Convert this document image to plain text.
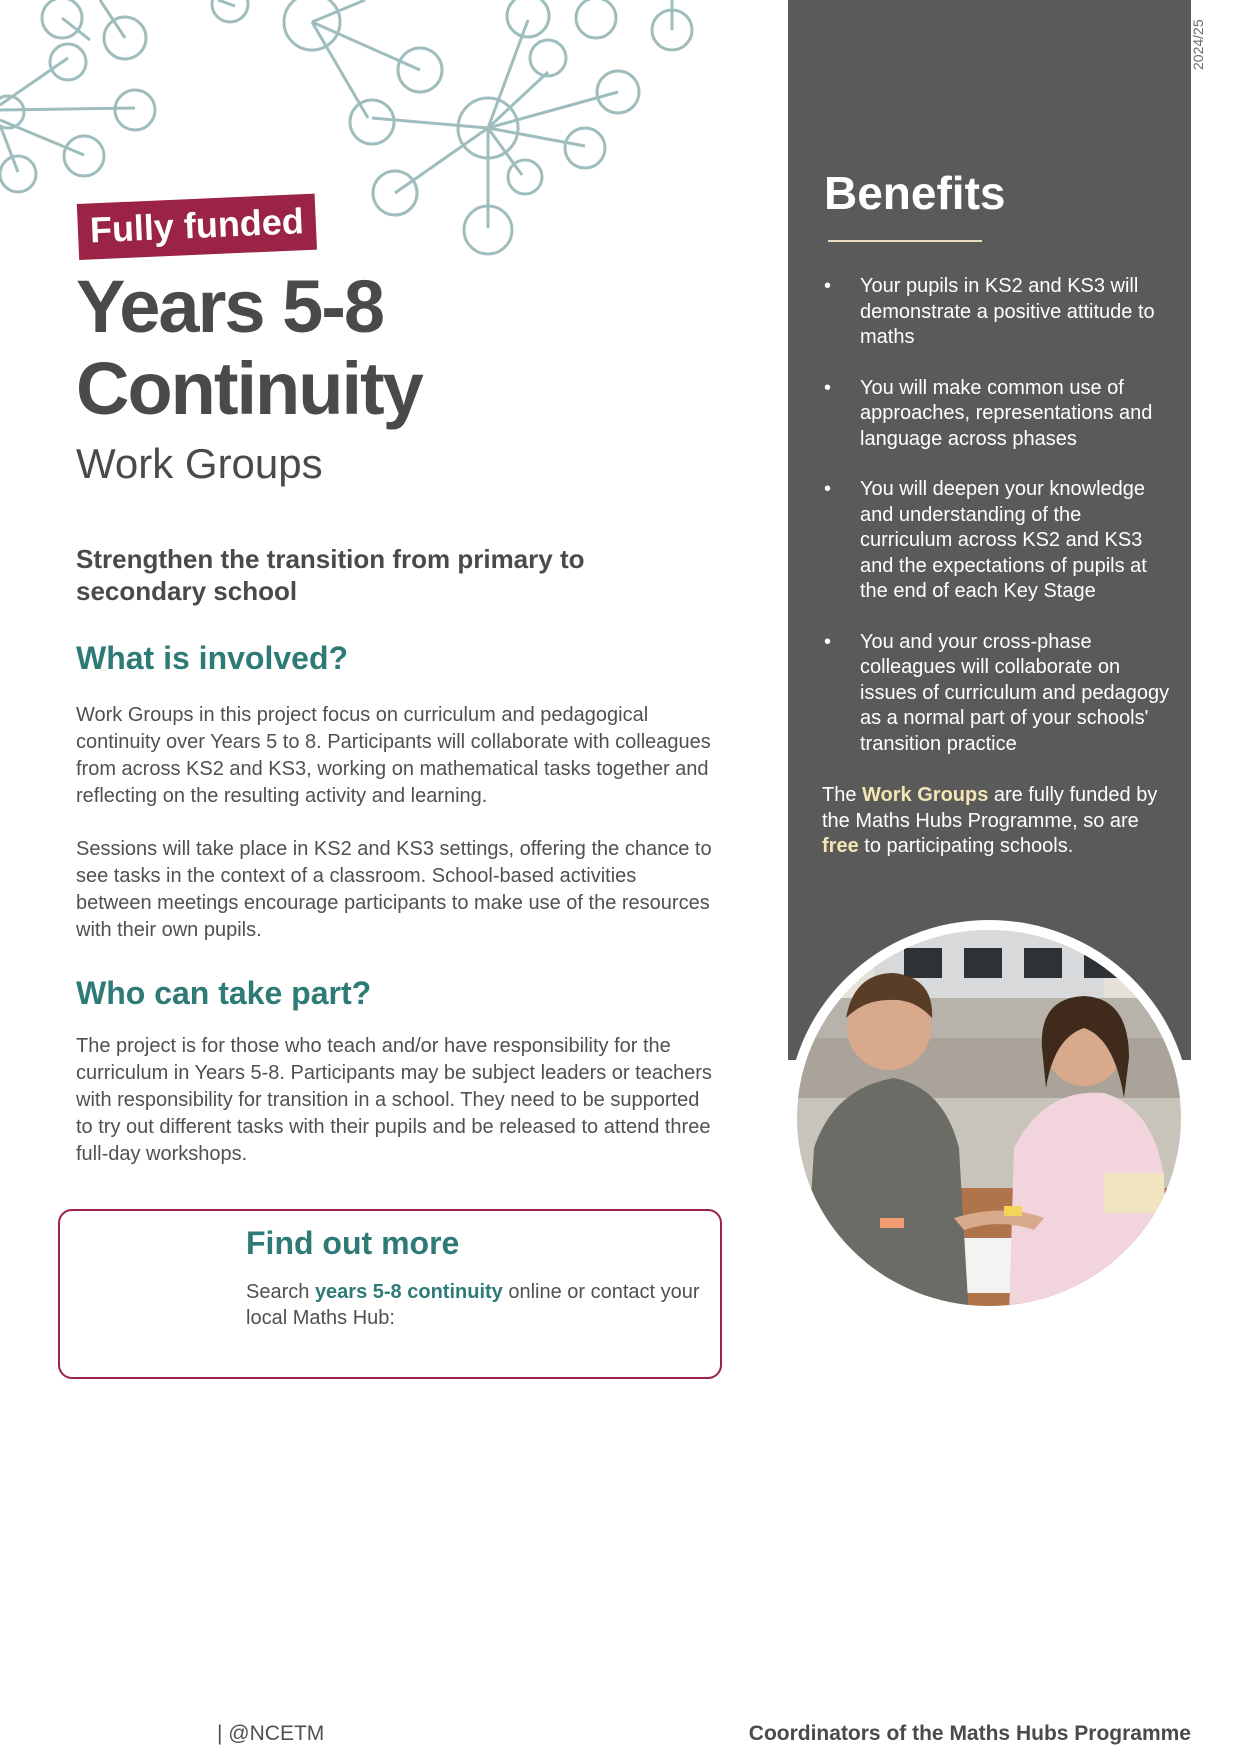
2024/25
Fully funded
Years 5-8
Continuity
Work Groups
Strengthen the transition from primary to secondary school
What is involved?
Work Groups in this project focus on curriculum and pedagogical continuity over Years 5 to 8. Participants will collaborate with colleagues from across KS2 and KS3, working on mathematical tasks together and reflecting on the resulting activity and learning.
Sessions will take place in KS2 and KS3 settings, offering the chance to see tasks in the context of a classroom. School-based activities between meetings encourage participants to make use of the resources with their own pupils.
Who can take part?
The project is for those who teach and/or have responsibility for the curriculum in Years 5-8. Participants may be subject leaders or teachers with responsibility for transition in a school. They need to be supported to try out different tasks with their pupils and be released to attend three full-day workshops.
Find out more
Search years 5-8 continuity online or contact your local Maths Hub:
Benefits
• Your pupils in KS2 and KS3 will demonstrate a positive attitude to maths
• You will make common use of approaches, representations and language across phases
• You will deepen your knowledge and understanding of the curriculum across KS2 and KS3 and the expectations of pupils at the end of each Key Stage
• You and your cross-phase colleagues will collaborate on issues of curriculum and pedagogy as a normal part of your schools' transition practice
The Work Groups are fully funded by the Maths Hubs Programme, so are free to participating schools.
| @NCETM	Coordinators of the Maths Hubs Programme
